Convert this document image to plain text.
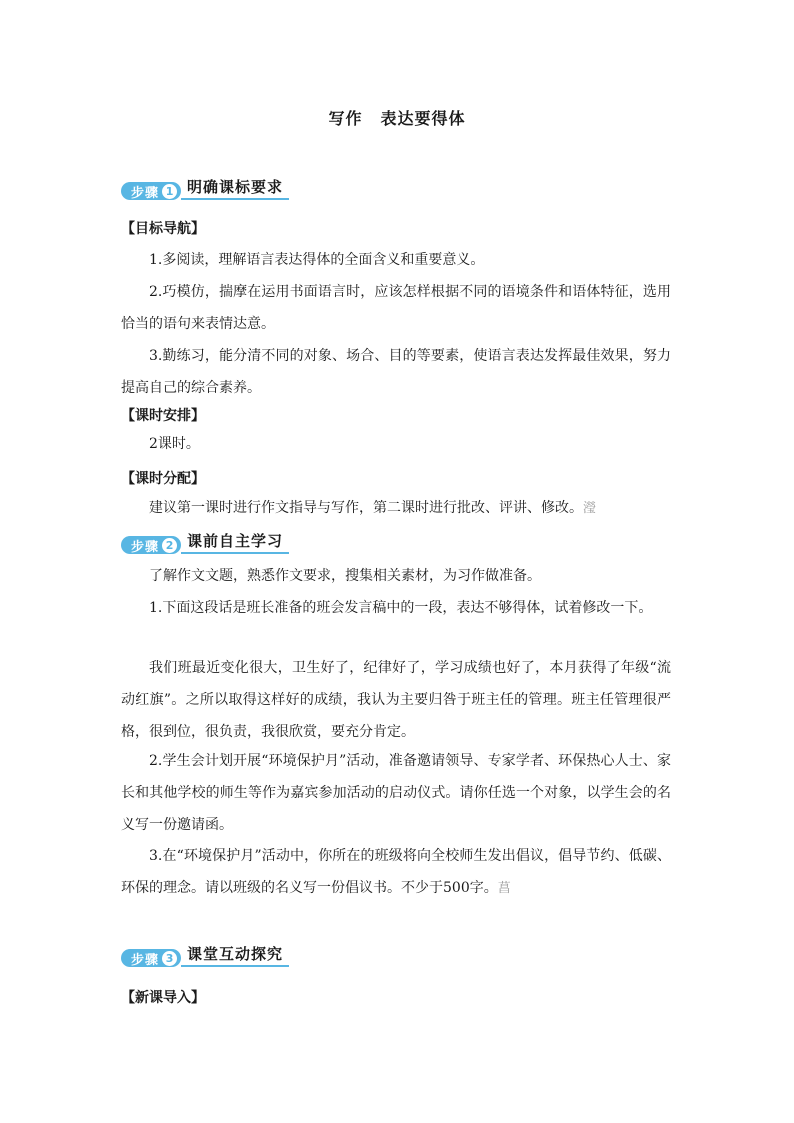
写作 表达要得体
步骤 1 明确课标要求
【目标导航】
1.多阅读，理解语言表达得体的全面含义和重要意义。
2.巧模仿，揣摩在运用书面语言时，应该怎样根据不同的语境条件和语体特征，选用恰当的语句来表情达意。
3.勤练习，能分清不同的对象、场合、目的等要素，使语言表达发挥最佳效果，努力提高自己的综合素养。
【课时安排】
2课时。
【课时分配】
建议第一课时进行作文指导与写作，第二课时进行批改、评讲、修改。瀅
步骤 2 课前自主学习
了解作文文题，熟悉作文要求，搜集相关素材，为习作做准备。
1.下面这段话是班长准备的班会发言稿中的一段，表达不够得体，试着修改一下。
我们班最近变化很大，卫生好了，纪律好了，学习成绩也好了，本月获得了年级“流动红旗”。之所以取得这样好的成绩，我认为主要归咎于班主任的管理。班主任管理很严格，很到位，很负责，我很欣赏，要充分肯定。
2.学生会计划开展“环境保护月”活动，准备邀请领导、专家学者、环保热心人士、家长和其他学校的师生等作为嘉宾参加活动的启动仪式。请你任选一个对象，以学生会的名义写一份邀请函。
3.在“环境保护月”活动中，你所在的班级将向全校师生发出倡议，倡导节约、低碳、环保的理念。请以班级的名义写一份倡议书。不少于500字。菖
步骤 3 课堂互动探究
【新课导入】
